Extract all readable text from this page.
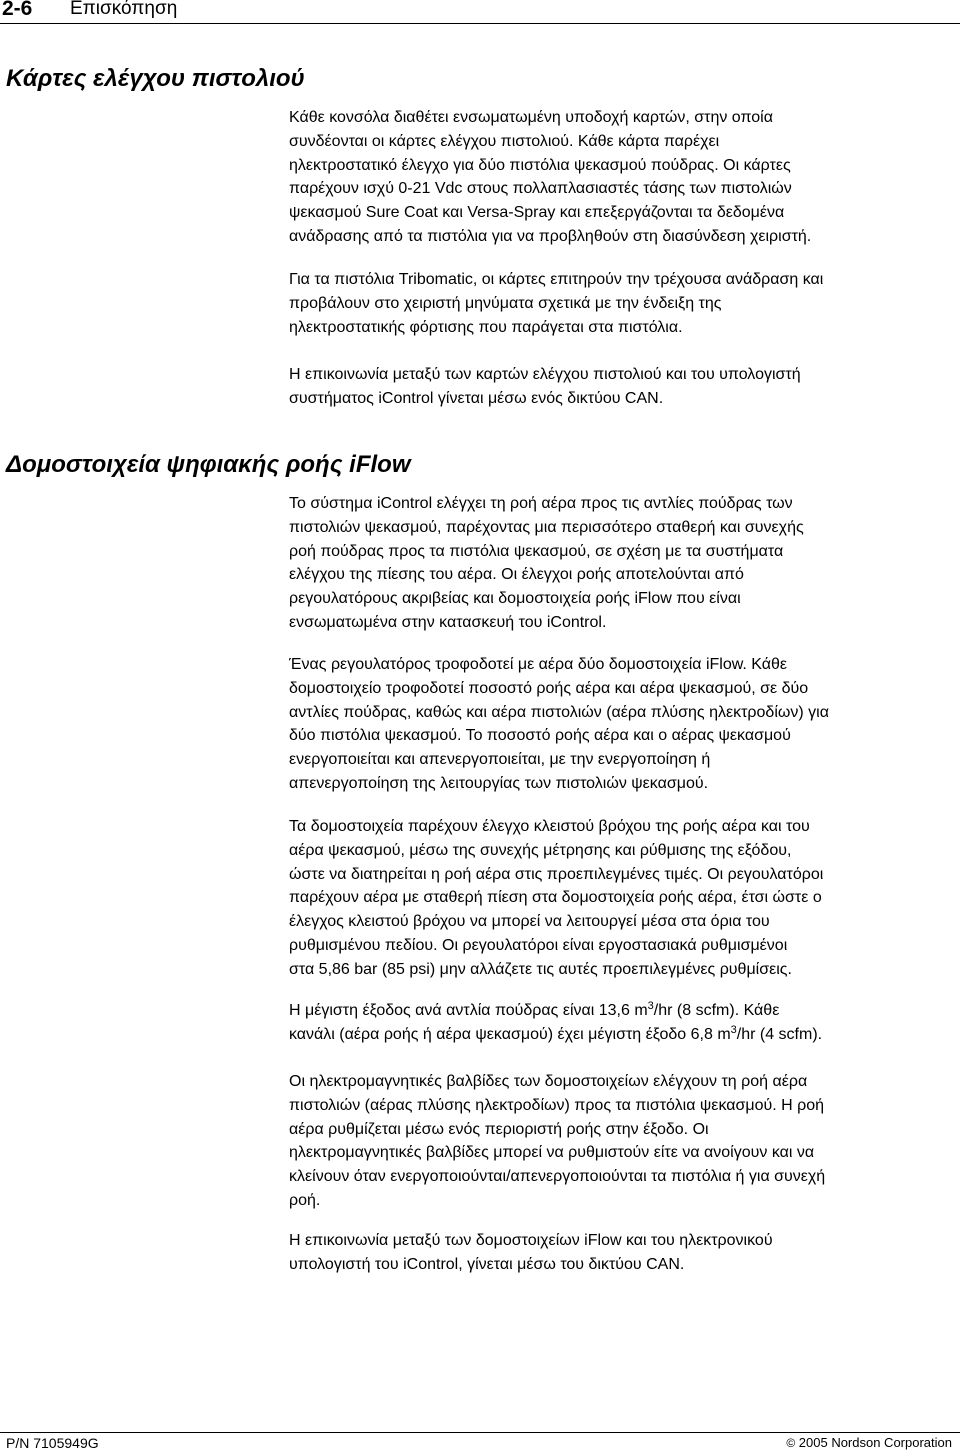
2-6 Επισκόπηση
Κάρτες ελέγχου πιστολιού
Κάθε κονσόλα διαθέτει ενσωματωμένη υποδοχή καρτών, στην οποία
συνδέονται οι κάρτες ελέγχου πιστολιού. Κάθε κάρτα παρέχει
ηλεκτροστατικό έλεγχο για δύο πιστόλια ψεκασμού πούδρας. Οι κάρτες
παρέχουν ισχύ 0-21 Vdc στους πολλαπλασιαστές τάσης των πιστολιών
ψεκασμού Sure Coat και Versa-Spray και επεξεργάζονται τα δεδομένα
ανάδρασης από τα πιστόλια για να προβληθούν στη διασύνδεση χειριστή.
Για τα πιστόλια Tribomatic, οι κάρτες επιτηρούν την τρέχουσα ανάδραση και
προβάλουν στο χειριστή μηνύματα σχετικά με την ένδειξη της
ηλεκτροστατικής φόρτισης που παράγεται στα πιστόλια.
Η επικοινωνία μεταξύ των καρτών ελέγχου πιστολιού και του υπολογιστή
συστήματος iControl γίνεται μέσω ενός δικτύου CAN.
Δομοστοιχεία ψηφιακής ροής iFlow
Το σύστημα iControl ελέγχει τη ροή αέρα προς τις αντλίες πούδρας των
πιστολιών ψεκασμού, παρέχοντας μια περισσότερο σταθερή και συνεχής
ροή πούδρας προς τα πιστόλια ψεκασμού, σε σχέση με τα συστήματα
ελέγχου της πίεσης του αέρα. Οι έλεγχοι ροής αποτελούνται από
ρεγουλατόρους ακριβείας και δομοστοιχεία ροής iFlow που είναι
ενσωματωμένα στην κατασκευή του iControl.
Ένας ρεγουλατόρος τροφοδοτεί με αέρα δύο δομοστοιχεία iFlow. Κάθε
δομοστοιχείο τροφοδοτεί ποσοστό ροής αέρα και αέρα ψεκασμού, σε δύο
αντλίες πούδρας, καθώς και αέρα πιστολιών (αέρα πλύσης ηλεκτροδίων) για
δύο πιστόλια ψεκασμού. Το ποσοστό ροής αέρα και ο αέρας ψεκασμού
ενεργοποιείται και απενεργοποιείται, με την ενεργοποίηση ή
απενεργοποίηση της λειτουργίας των πιστολιών ψεκασμού.
Τα δομοστοιχεία παρέχουν έλεγχο κλειστού βρόχου της ροής αέρα και του
αέρα ψεκασμού, μέσω της συνεχής μέτρησης και ρύθμισης της εξόδου,
ώστε να διατηρείται η ροή αέρα στις προεπιλεγμένες τιμές. Οι ρεγουλατόροι
παρέχουν αέρα με σταθερή πίεση στα δομοστοιχεία ροής αέρα, έτσι ώστε ο
έλεγχος κλειστού βρόχου να μπορεί να λειτουργεί μέσα στα όρια του
ρυθμισμένου πεδίου. Οι ρεγουλατόροι είναι εργοστασιακά ρυθμισμένοι
στα 5,86 bar (85 psi) μην αλλάζετε τις αυτές προεπιλεγμένες ρυθμίσεις.
Η μέγιστη έξοδος ανά αντλία πούδρας είναι 13,6 $m^3/hr$ (8 scfm). Κάθε
κανάλι (αέρα ροής ή αέρα ψεκασμού) έχει μέγιστη έξοδο 6,8 $m^3/hr$ (4 scfm).
Οι ηλεκτρομαγνητικές βαλβίδες των δομοστοιχείων ελέγχουν τη ροή αέρα
πιστολιών (αέρας πλύσης ηλεκτροδίων) προς τα πιστόλια ψεκασμού. Η ροή
αέρα ρυθμίζεται μέσω ενός περιοριστή ροής στην έξοδο. Οι
ηλεκτρομαγνητικές βαλβίδες μπορεί να ρυθμιστούν είτε να ανοίγουν και να
κλείνουν όταν ενεργοποιούνται/απενεργοποιούνται τα πιστόλια ή για συνεχή
ροή.
Η επικοινωνία μεταξύ των δομοστοιχείων iFlow και του ηλεκτρονικού
υπολογιστή του iControl, γίνεται μέσω του δικτύου CAN.
P/N 7105949G	© 2005 Nordson Corporation
